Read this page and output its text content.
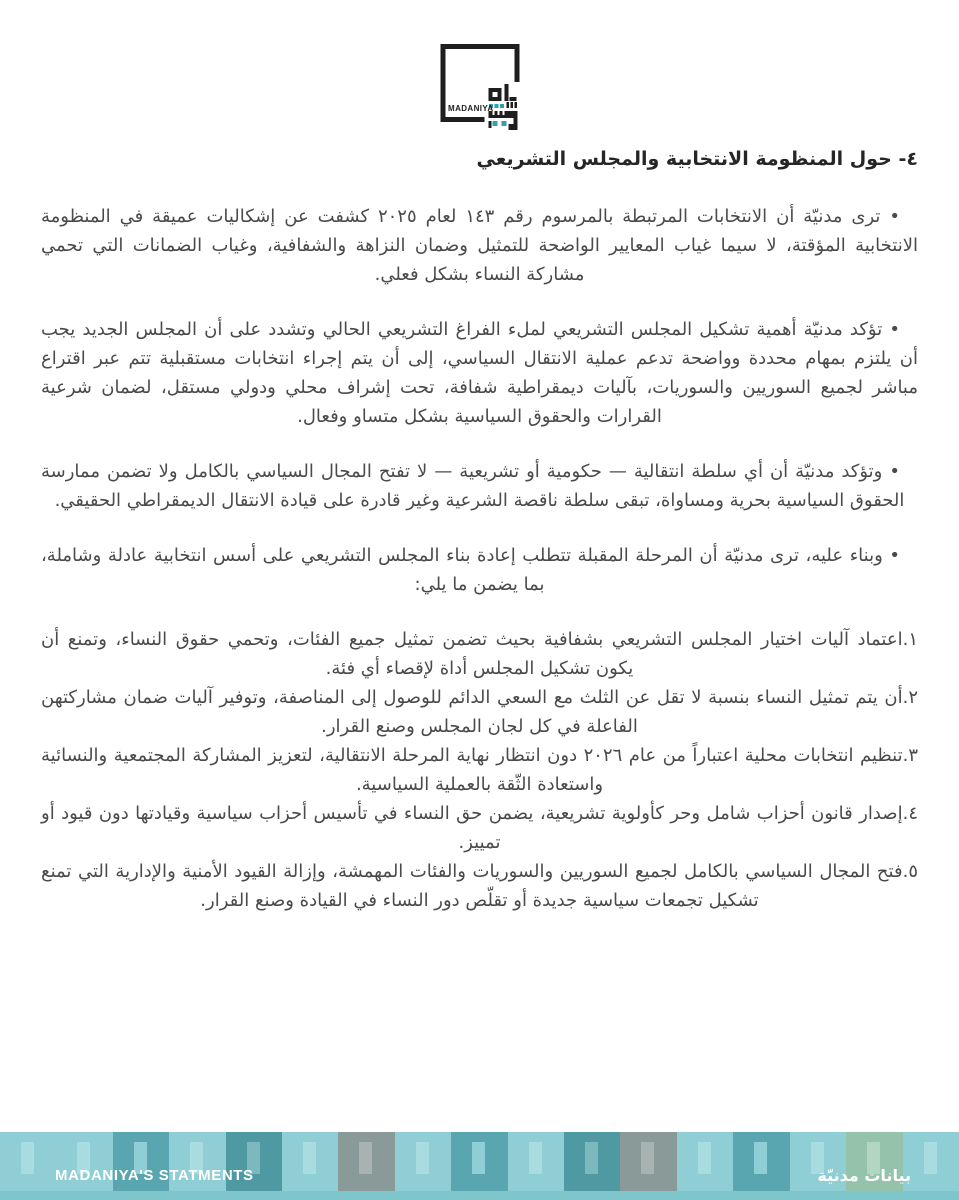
MADANIYA
٤- حول المنظومة الانتخابية والمجلس التشريعي

• ترى مدنيّة أن الانتخابات المرتبطة بالمرسوم رقم ١٤٣ لعام ٢٠٢٥ كشفت عن إشكاليات عميقة في المنظومة الانتخابية المؤقتة، لا سيما غياب المعايير الواضحة للتمثيل وضمان النزاهة والشفافية، وغياب الضمانات التي تحمي مشاركة النساء بشكل فعلي.

• تؤكد مدنيّة أهمية تشكيل المجلس التشريعي لملء الفراغ التشريعي الحالي وتشدد على أن المجلس الجديد يجب أن يلتزم بمهام محددة وواضحة تدعم عملية الانتقال السياسي، إلى أن يتم إجراء انتخابات مستقبلية تتم عبر اقتراع مباشر لجميع السوريين والسوريات، بآليات ديمقراطية شفافة، تحت إشراف محلي ودولي مستقل، لضمان شرعية القرارات والحقوق السياسية بشكل متساو وفعال.

• وتؤكد مدنيّة أن أي سلطة انتقالية — حكومية أو تشريعية — لا تفتح المجال السياسي بالكامل ولا تضمن ممارسة الحقوق السياسية بحرية ومساواة، تبقى سلطة ناقصة الشرعية وغير قادرة على قيادة الانتقال الديمقراطي الحقيقي.

• وبناء عليه، ترى مدنيّة أن المرحلة المقبلة تتطلب إعادة بناء المجلس التشريعي على أسس انتخابية عادلة وشاملة، بما يضمن ما يلي:

١.اعتماد آليات اختيار المجلس التشريعي بشفافية بحيث تضمن تمثيل جميع الفئات، وتحمي حقوق النساء، وتمنع أن يكون تشكيل المجلس أداة لإقصاء أي فئة.

٢.أن يتم تمثيل النساء بنسبة لا تقل عن الثلث مع السعي الدائم للوصول إلى المناصفة، وتوفير آليات ضمان مشاركتهن الفاعلة في كل لجان المجلس وصنع القرار.

٣.تنظيم انتخابات محلية اعتباراً من عام ٢٠٢٦ دون انتظار نهاية المرحلة الانتقالية، لتعزيز المشاركة المجتمعية والنسائية واستعادة الثّقة بالعملية السياسية.

٤.إصدار قانون أحزاب شامل وحر كأولوية تشريعية، يضمن حق النساء في تأسيس أحزاب سياسية وقيادتها دون قيود أو تمييز.

٥.فتح المجال السياسي بالكامل لجميع السوريين والسوريات والفئات المهمشة، وإزالة القيود الأمنية والإدارية التي تمنع تشكيل تجمعات سياسية جديدة أو تقلّص دور النساء في القيادة وصنع القرار.

MADANIYA'S STATMENTS	بيانات مدنيّة
